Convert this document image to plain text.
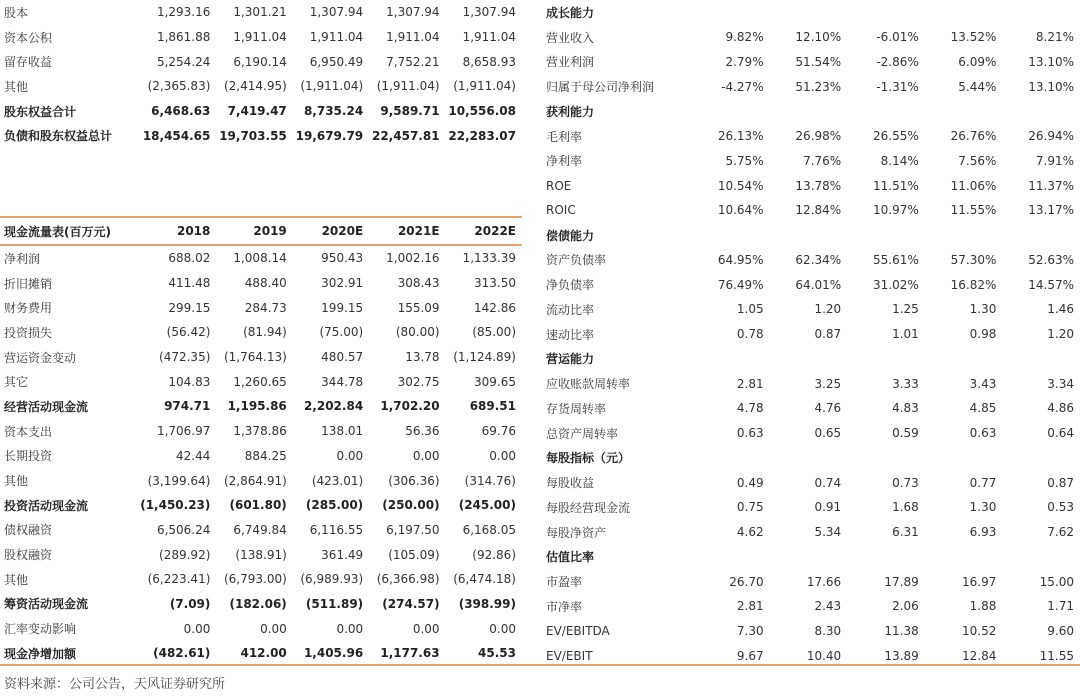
股本	1,293.16	1,301.21	1,307.94	1,307.94	1,307.94
资本公积	1,861.88	1,911.04	1,911.04	1,911.04	1,911.04
留存收益	5,254.24	6,190.14	6,950.49	7,752.21	8,658.93
其他	(2,365.83)	(2,414.95)	(1,911.04)	(1,911.04)	(1,911.04)
股东权益合计	6,468.63	7,419.47	8,735.24	9,589.71	10,556.08
负债和股东权益总计	18,454.65	19,703.55	19,679.79	22,457.81	22,283.07
现金流量表(百万元)	2018	2019	2020E	2021E	2022E
净利润	688.02	1,008.14	950.43	1,002.16	1,133.39
折旧摊销	411.48	488.40	302.91	308.43	313.50
财务费用	299.15	284.73	199.15	155.09	142.86
投资损失	(56.42)	(81.94)	(75.00)	(80.00)	(85.00)
营运资金变动	(472.35)	(1,764.13)	480.57	13.78	(1,124.89)
其它	104.83	1,260.65	344.78	302.75	309.65
经营活动现金流	974.71	1,195.86	2,202.84	1,702.20	689.51
资本支出	1,706.97	1,378.86	138.01	56.36	69.76
长期投资	42.44	884.25	0.00	0.00	0.00
其他	(3,199.64)	(2,864.91)	(423.01)	(306.36)	(314.76)
投资活动现金流	(1,450.23)	(601.80)	(285.00)	(250.00)	(245.00)
债权融资	6,506.24	6,749.84	6,116.55	6,197.50	6,168.05
股权融资	(289.92)	(138.91)	361.49	(105.09)	(92.86)
其他	(6,223.41)	(6,793.00)	(6,989.93)	(6,366.98)	(6,474.18)
筹资活动现金流	(7.09)	(182.06)	(511.89)	(274.57)	(398.99)
汇率变动影响	0.00	0.00	0.00	0.00	0.00
现金净增加额	(482.61)	412.00	1,405.96	1,177.63	45.53
成长能力					
营业收入	9.82%	12.10%	-6.01%	13.52%	8.21%
营业利润	2.79%	51.54%	-2.86%	6.09%	13.10%
归属于母公司净利润	-4.27%	51.23%	-1.31%	5.44%	13.10%
获利能力					
毛利率	26.13%	26.98%	26.55%	26.76%	26.94%
净利率	5.75%	7.76%	8.14%	7.56%	7.91%
ROE	10.54%	13.78%	11.51%	11.06%	11.37%
ROIC	10.64%	12.84%	10.97%	11.55%	13.17%
偿债能力					
资产负债率	64.95%	62.34%	55.61%	57.30%	52.63%
净负债率	76.49%	64.01%	31.02%	16.82%	14.57%
流动比率	1.05	1.20	1.25	1.30	1.46
速动比率	0.78	0.87	1.01	0.98	1.20
营运能力					
应收账款周转率	2.81	3.25	3.33	3.43	3.34
存货周转率	4.78	4.76	4.83	4.85	4.86
总资产周转率	0.63	0.65	0.59	0.63	0.64
每股指标（元）					
每股收益	0.49	0.74	0.73	0.77	0.87
每股经营现金流	0.75	0.91	1.68	1.30	0.53
每股净资产	4.62	5.34	6.31	6.93	7.62
估值比率					
市盈率	26.70	17.66	17.89	16.97	15.00
市净率	2.81	2.43	2.06	1.88	1.71
EV/EBITDA	7.30	8.30	11.38	10.52	9.60
EV/EBIT	9.67	10.40	13.89	12.84	11.55
资料来源：公司公告，天风证券研究所
